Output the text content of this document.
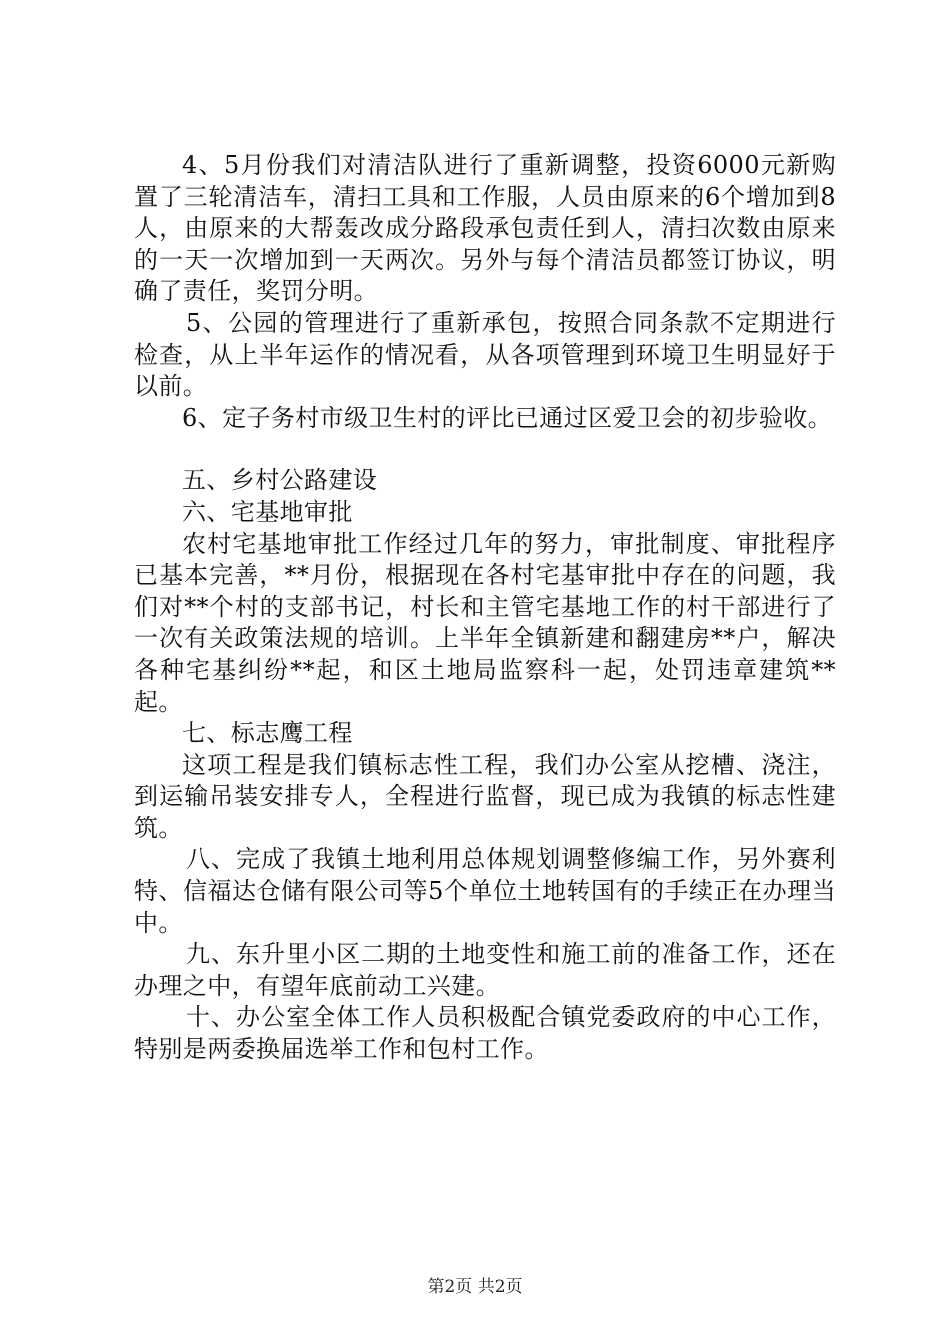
4、5月份我们对清洁队进行了重新调整，投资6000元新购置了三轮清洁车，清扫工具和工作服，人员由原来的6个增加到8人，由原来的大帮轰改成分路段承包责任到人，清扫次数由原来的一天一次增加到一天两次。另外与每个清洁员都签订协议，明确了责任，奖罚分明。

5、公园的管理进行了重新承包，按照合同条款不定期进行检查，从上半年运作的情况看，从各项管理到环境卫生明显好于以前。

6、定子务村市级卫生村的评比已通过区爱卫会的初步验收。

五、乡村公路建设

六、宅基地审批

农村宅基地审批工作经过几年的努力，审批制度、审批程序已基本完善，**月份，根据现在各村宅基审批中存在的问题，我们对**个村的支部书记，村长和主管宅基地工作的村干部进行了一次有关政策法规的培训。上半年全镇新建和翻建房**户，解决各种宅基纠纷**起，和区土地局监察科一起，处罚违章建筑**起。

七、标志鹰工程

这项工程是我们镇标志性工程，我们办公室从挖槽、浇注，到运输吊装安排专人，全程进行监督，现已成为我镇的标志性建筑。

八、完成了我镇土地利用总体规划调整修编工作，另外赛利特、信福达仓储有限公司等5个单位土地转国有的手续正在办理当中。

九、东升里小区二期的土地变性和施工前的准备工作，还在办理之中，有望年底前动工兴建。

十、办公室全体工作人员积极配合镇党委政府的中心工作，特别是两委换届选举工作和包村工作。

第2页 共2页
